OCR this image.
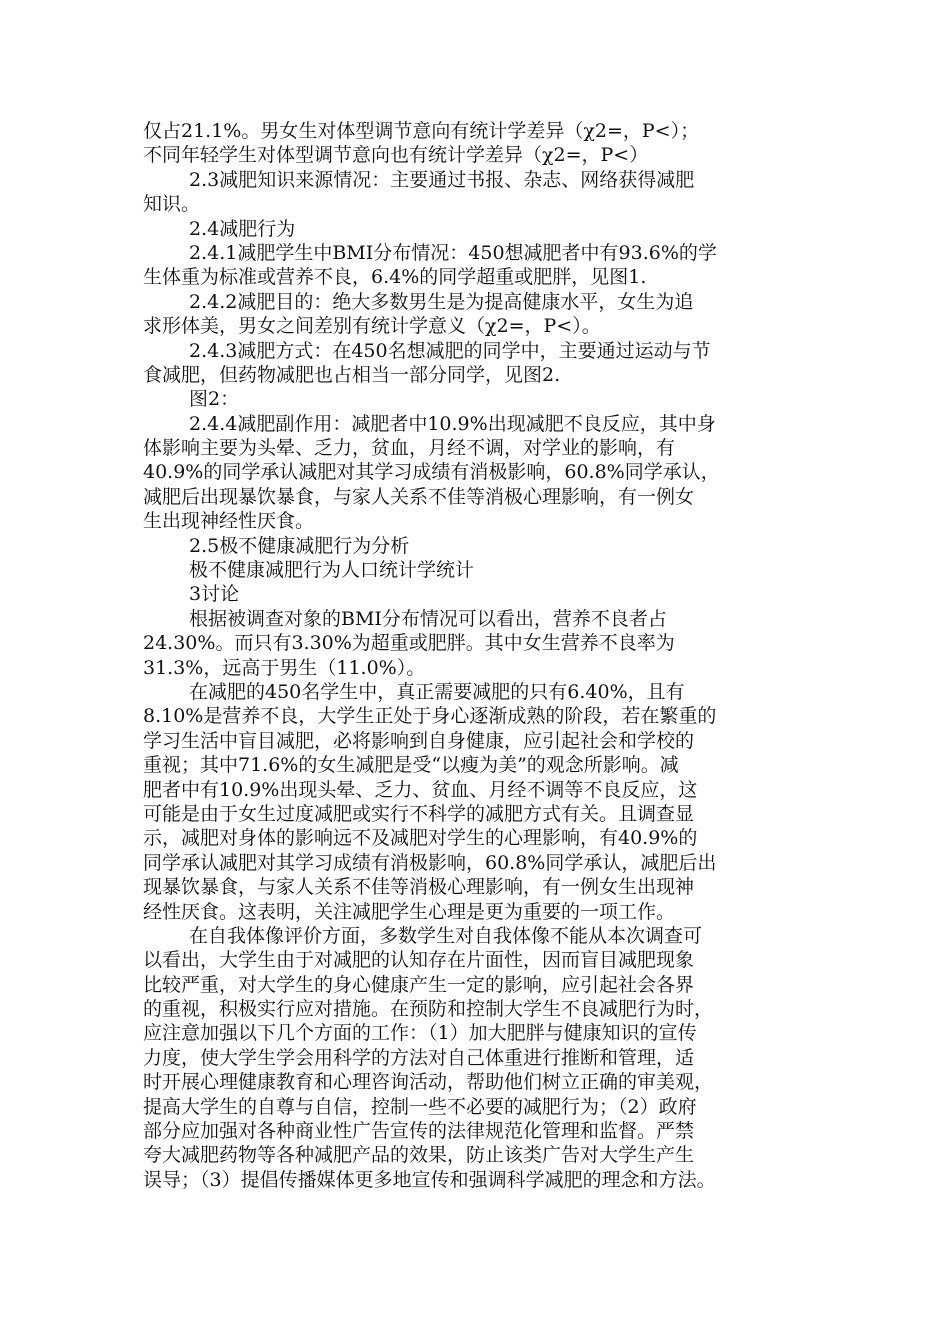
仅占21.1%。男女生对体型调节意向有统计学差异（χ2=，P<）；
不同年轻学生对体型调节意向也有统计学差异（χ2=，P<）
2.3减肥知识来源情况：主要通过书报、杂志、网络获得减肥
知识。
2.4减肥行为
2.4.1减肥学生中BMI分布情况：450想减肥者中有93.6%的学
生体重为标准或营养不良，6.4%的同学超重或肥胖，见图1.
2.4.2减肥目的：绝大多数男生是为提高健康水平，女生为追
求形体美，男女之间差别有统计学意义（χ2=，P<）。
2.4.3减肥方式：在450名想减肥的同学中，主要通过运动与节
食减肥，但药物减肥也占相当一部分同学，见图2.
图2：
2.4.4减肥副作用：减肥者中10.9%出现减肥不良反应，其中身
体影响主要为头晕、乏力，贫血，月经不调，对学业的影响，有
40.9%的同学承认减肥对其学习成绩有消极影响，60.8%同学承认，
减肥后出现暴饮暴食，与家人关系不佳等消极心理影响，有一例女
生出现神经性厌食。
2.5极不健康减肥行为分析
极不健康减肥行为人口统计学统计
3讨论
根据被调查对象的BMI分布情况可以看出，营养不良者占
24.30%。而只有3.30%为超重或肥胖。其中女生营养不良率为
31.3%，远高于男生（11.0%）。
在减肥的450名学生中，真正需要减肥的只有6.40%，且有
8.10%是营养不良，大学生正处于身心逐渐成熟的阶段，若在繁重的
学习生活中盲目减肥，必将影响到自身健康，应引起社会和学校的
重视；其中71.6%的女生减肥是受“以瘦为美”的观念所影响。减
肥者中有10.9%出现头晕、乏力、贫血、月经不调等不良反应，这
可能是由于女生过度减肥或实行不科学的减肥方式有关。且调查显
示，减肥对身体的影响远不及减肥对学生的心理影响，有40.9%的
同学承认减肥对其学习成绩有消极影响，60.8%同学承认，减肥后出
现暴饮暴食，与家人关系不佳等消极心理影响，有一例女生出现神
经性厌食。这表明，关注减肥学生心理是更为重要的一项工作。
在自我体像评价方面，多数学生对自我体像不能从本次调查可
以看出，大学生由于对减肥的认知存在片面性，因而盲目减肥现象
比较严重，对大学生的身心健康产生一定的影响，应引起社会各界
的重视，积极实行应对措施。在预防和控制大学生不良减肥行为时，
应注意加强以下几个方面的工作：（1）加大肥胖与健康知识的宣传
力度，使大学生学会用科学的方法对自己体重进行推断和管理，适
时开展心理健康教育和心理咨询活动，帮助他们树立正确的审美观，
提高大学生的自尊与自信，控制一些不必要的减肥行为；（2）政府
部分应加强对各种商业性广告宣传的法律规范化管理和监督。严禁
夸大减肥药物等各种减肥产品的效果，防止该类广告对大学生产生
误导；（3）提倡传播媒体更多地宣传和强调科学减肥的理念和方法。
